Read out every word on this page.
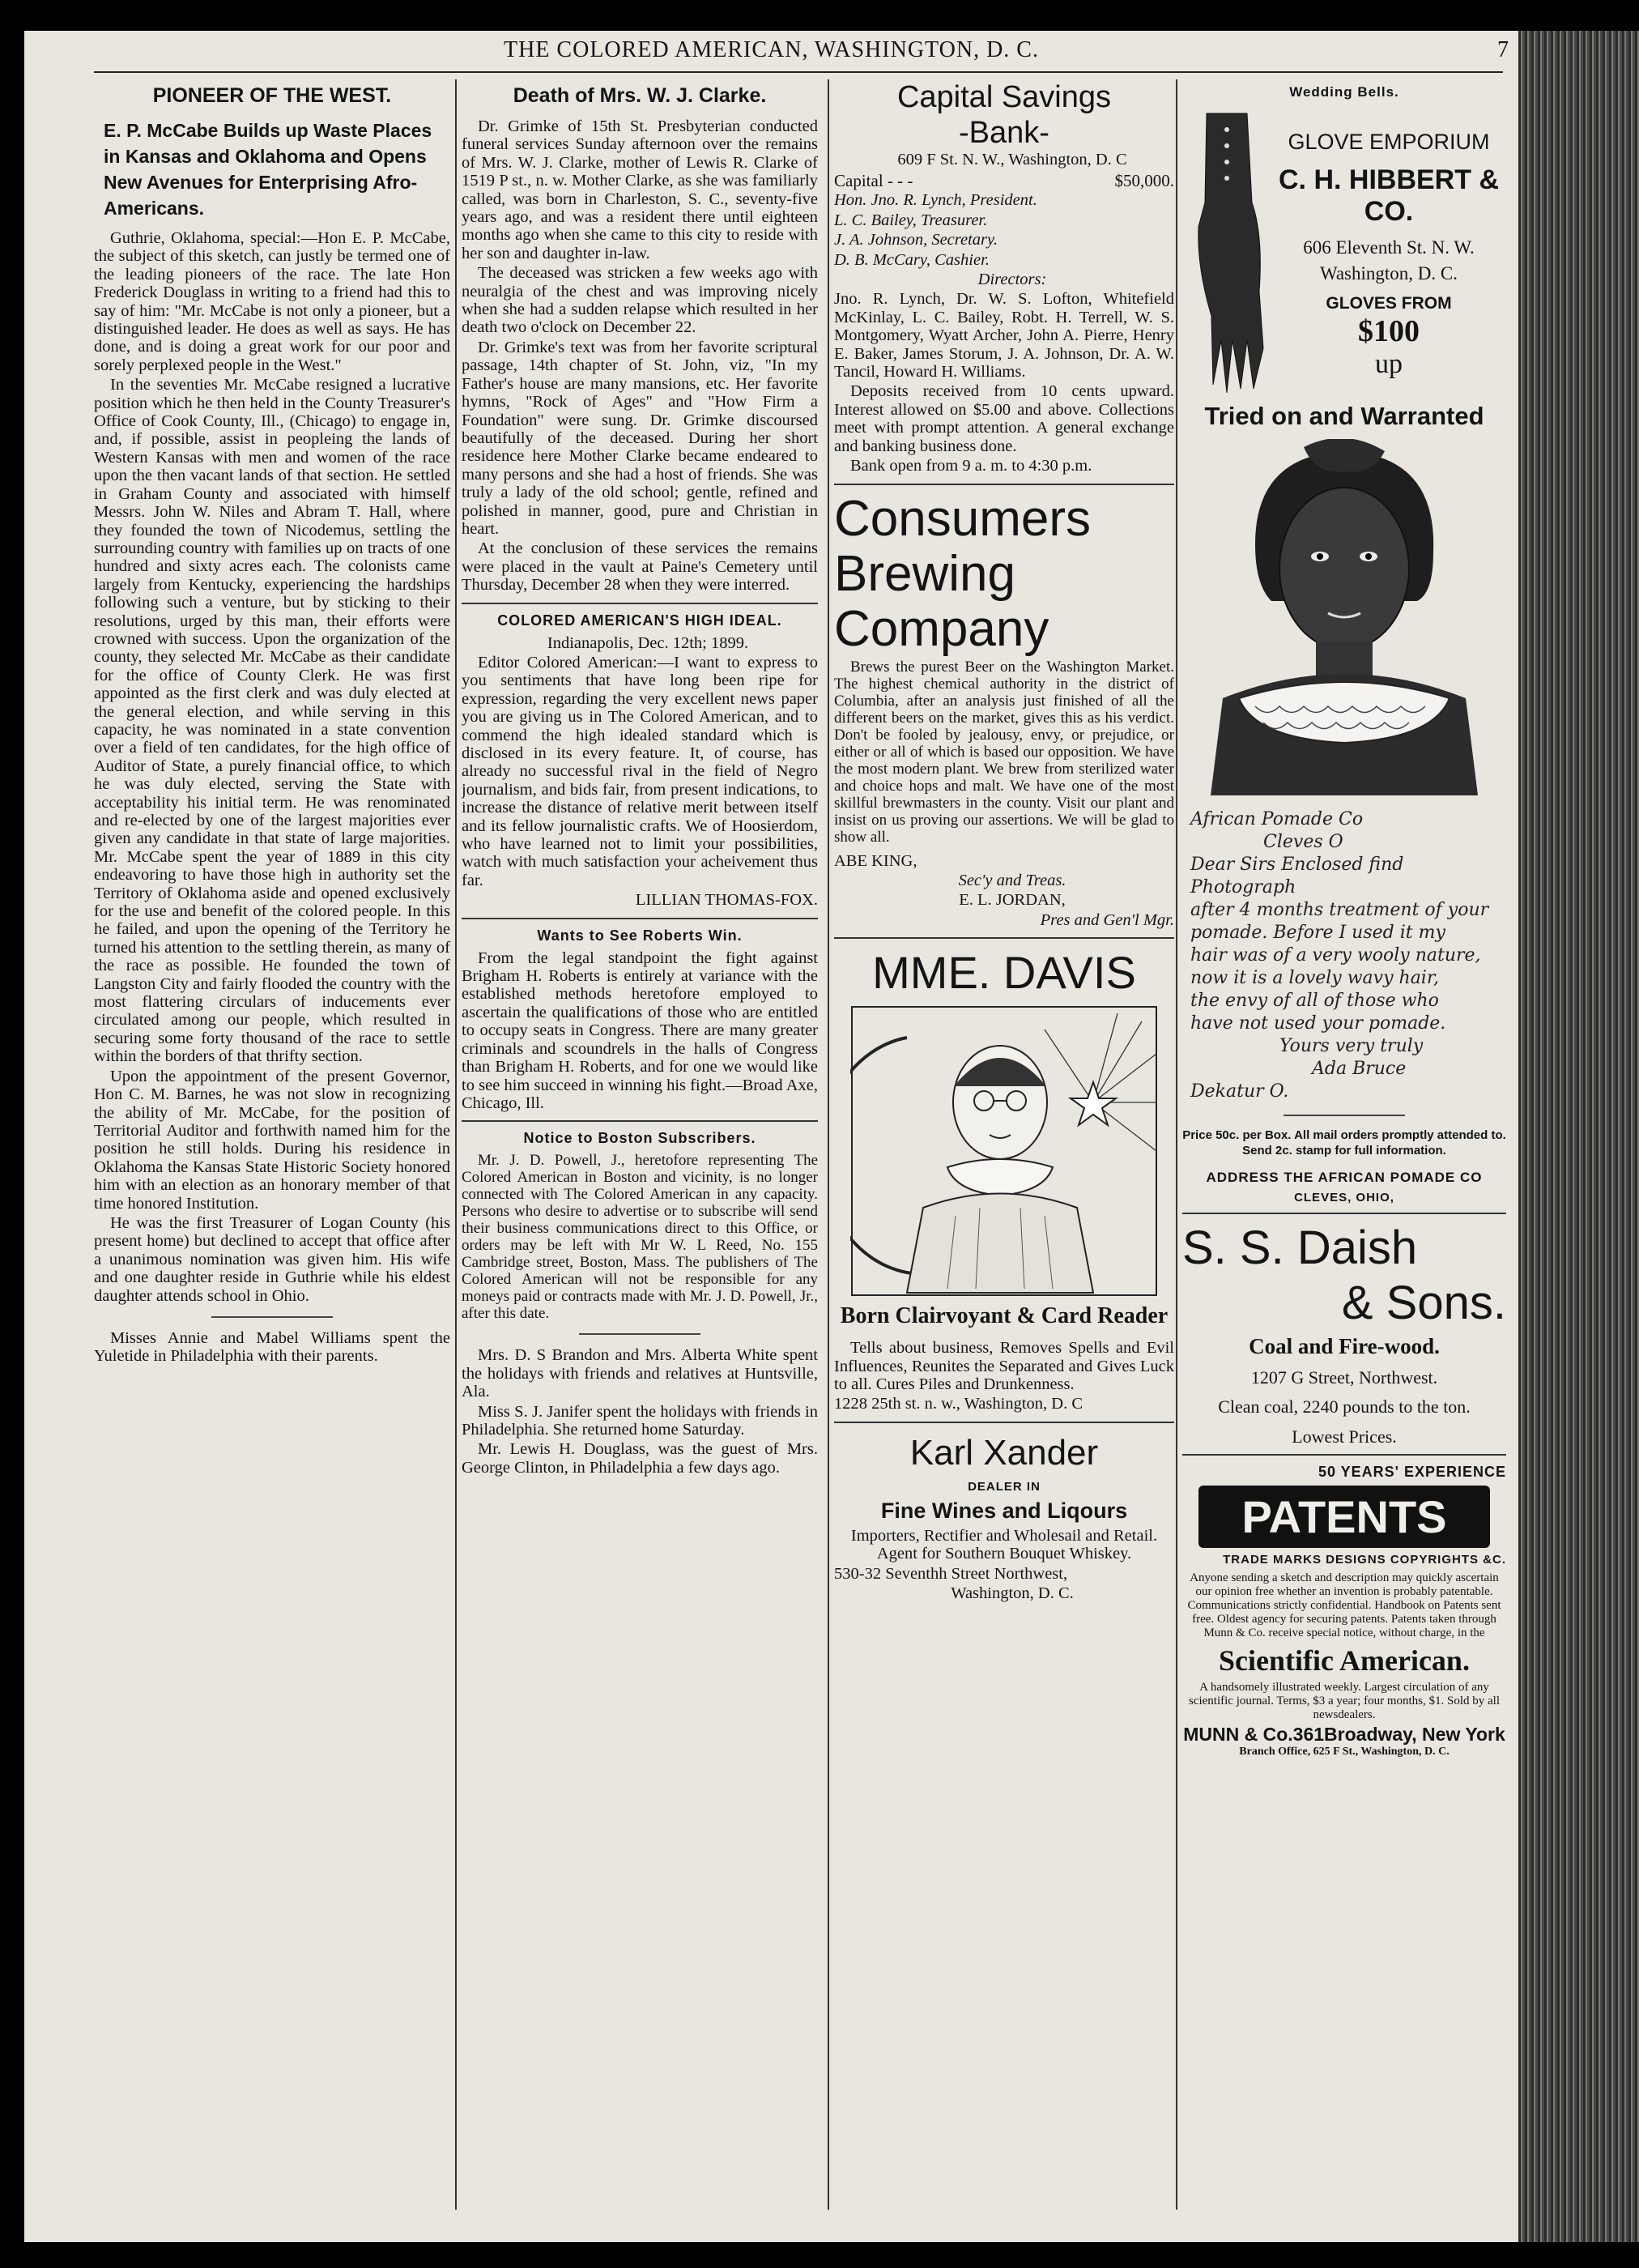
THE COLORED AMERICAN, WASHINGTON, D. C.	7
PIONEER OF THE WEST.
E. P. McCabe Builds up Waste Places in Kansas and Oklahoma and Opens New Avenues for Enterprising Afro-Americans.
Guthrie, Oklahoma, special:—Hon E. P. McCabe, the subject of this sketch, can justly be termed one of the leading pioneers of the race. The late Hon Frederick Douglass in writing to a friend had this to say of him: "Mr. McCabe is not only a pioneer, but a distinguished leader. He does as well as says. He has done, and is doing a great work for our poor and sorely perplexed people in the West."
In the seventies Mr. McCabe resigned a lucrative position which he then held in the County Treasurer's Office of Cook County, Ill., (Chicago) to engage in, and, if possible, assist in peopleing the lands of Western Kansas with men and women of the race upon the then vacant lands of that section. He settled in Graham County and associated with himself Messrs. John W. Niles and Abram T. Hall, where they founded the town of Nicodemus, settling the surrounding country with families up on tracts of one hundred and sixty acres each. The colonists came largely from Kentucky, experiencing the hardships following such a venture, but by sticking to their resolutions, urged by this man, their efforts were crowned with success. Upon the organization of the county, they selected Mr. McCabe as their candidate for the office of County Clerk. He was first appointed as the first clerk and was duly elected at the general election, and while serving in this capacity, he was nominated in a state convention over a field of ten candidates, for the high office of Auditor of State, a purely financial office, to which he was duly elected, serving the State with acceptability his initial term. He was renominated and re-elected by one of the largest majorities ever given any candidate in that state of large majorities. Mr. McCabe spent the year of 1889 in this city endeavoring to have those high in authority set the Territory of Oklahoma aside and opened exclusively for the use and benefit of the colored people. In this he failed, and upon the opening of the Territory he turned his attention to the settling therein, as many of the race as possible. He founded the town of Langston City and fairly flooded the country with the most flattering circulars of inducements ever circulated among our people, which resulted in securing some forty thousand of the race to settle within the borders of that thrifty section.
Upon the appointment of the present Governor, Hon C. M. Barnes, he was not slow in recognizing the ability of Mr. McCabe, for the position of Territorial Auditor and forthwith named him for the position he still holds. During his residence in Oklahoma the Kansas State Historic Society honored him with an election as an honorary member of that time honored Institution.
He was the first Treasurer of Logan County (his present home) but declined to accept that office after a unanimous nomination was given him. His wife and one daughter reside in Guthrie while his eldest daughter attends school in Ohio.
Misses Annie and Mabel Williams spent the Yuletide in Philadelphia with their parents.
Death of Mrs. W. J. Clarke.
Dr. Grimke of 15th St. Presbyterian conducted funeral services Sunday afternoon over the remains of Mrs. W. J. Clarke, mother of Lewis R. Clarke of 1519 P st., n. w. Mother Clarke, as she was familiarly called, was born in Charleston, S. C., seventy-five years ago, and was a resident there until eighteen months ago when she came to this city to reside with her son and daughter in-law.
The deceased was stricken a few weeks ago with neuralgia of the chest and was improving nicely when she had a sudden relapse which resulted in her death two o'clock on December 22.
Dr. Grimke's text was from her favorite scriptural passage, 14th chapter of St. John, viz, "In my Father's house are many mansions, etc. Her favorite hymns, "Rock of Ages" and "How Firm a Foundation" were sung. Dr. Grimke discoursed beautifully of the deceased. During her short residence here Mother Clarke became endeared to many persons and she had a host of friends. She was truly a lady of the old school; gentle, refined and polished in manner, good, pure and Christian in heart.
At the conclusion of these services the remains were placed in the vault at Paine's Cemetery until Thursday, December 28 when they were interred.
COLORED AMERICAN'S HIGH IDEAL.
Indianapolis, Dec. 12th; 1899.
Editor Colored American:—I want to express to you sentiments that have long been ripe for expression, regarding the very excellent news paper you are giving us in The Colored American, and to commend the high idealed standard which is disclosed in its every feature. It, of course, has already no successful rival in the field of Negro journalism, and bids fair, from present indications, to increase the distance of relative merit between itself and its fellow journalistic crafts. We of Hoosierdom, who have learned not to limit your possibilities, watch with much satisfaction your acheivement thus far.
LILLIAN THOMAS-FOX.
Wants to See Roberts Win.
From the legal standpoint the fight against Brigham H. Roberts is entirely at variance with the established methods heretofore employed to ascertain the qualifications of those who are entitled to occupy seats in Congress. There are many greater criminals and scoundrels in the halls of Congress than Brigham H. Roberts, and for one we would like to see him succeed in winning his fight.—Broad Axe, Chicago, Ill.
Notice to Boston Subscribers.
Mr. J. D. Powell, J., heretofore representing The Colored American in Boston and vicinity, is no longer connected with The Colored American in any capacity. Persons who desire to advertise or to subscribe will send their business communications direct to this Office, or orders may be left with Mr W. L Reed, No. 155 Cambridge street, Boston, Mass. The publishers of The Colored American will not be responsible for any moneys paid or contracts made with Mr. J. D. Powell, Jr., after this date.
Mrs. D. S Brandon and Mrs. Alberta White spent the holidays with friends and relatives at Huntsville, Ala.
Miss S. J. Janifer spent the holidays with friends in Philadelphia. She returned home Saturday.
Mr. Lewis H. Douglass, was the guest of Mrs. George Clinton, in Philadelphia a few days ago.
Capital Savings
-Bank-
609 F St. N. W., Washington, D. C
Capital - - -	$50,000.
Hon. Jno. R. Lynch, President.
L. C. Bailey, Treasurer.
J. A. Johnson, Secretary.
D. B. McCary, Cashier.
Directors:
Jno. R. Lynch, Dr. W. S. Lofton, Whitefield McKinlay, L. C. Bailey, Robt. H. Terrell, W. S. Montgomery, Wyatt Archer, John A. Pierre, Henry E. Baker, James Storum, J. A. Johnson, Dr. A. W. Tancil, Howard H. Williams.
Deposits received from 10 cents upward. Interest allowed on $5.00 and above. Collections meet with prompt attention. A general exchange and banking business done.
Bank open from 9 a. m. to 4:30 p.m.
Consumers
Brewing
Company
Brews the purest Beer on the Washington Market. The highest chemical authority in the district of Columbia, after an analysis just finished of all the different beers on the market, gives this as his verdict. Don't be fooled by jealousy, envy, or prejudice, or either or all of which is based our opposition. We have the most modern plant. We brew from sterilized water and choice hops and malt. We have one of the most skillful brewmasters in the county. Visit our plant and insist on us proving our assertions. We will be glad to show all.
ABE KING,
Sec'y and Treas.
E. L. JORDAN,
Pres and Gen'l Mgr.
MME. DAVIS
Born Clairvoyant & Card Reader
Tells about business, Removes Spells and Evil Influences, Reunites the Separated and Gives Luck to all. Cures Piles and Drunkenness.
1228 25th st. n. w., Washington, D. C
Karl Xander
DEALER IN
Fine Wines and Liqours
Importers, Rectifier and Wholesail and Retail. Agent for Southern Bouquet Whiskey.
530-32 Seventhh Street Northwest,
Washington, D. C.
Wedding Bells.
GLOVE EMPORIUM
C. H. HIBBERT & CO.
606 Eleventh St. N. W.
Washington, D. C.
GLOVES FROM
$100
up
Tried on and Warranted
African Pomade Co
Cleves O
Dear Sirs Enclosed find Photograph
after 4 months treatment of your
pomade. Before I used it my
hair was of a very wooly nature,
now it is a lovely wavy hair,
the envy of all of those who
have not used your pomade.
Yours very truly
Ada Bruce
Dekatur O.
Price 50c. per Box. All mail orders promptly attended to. Send 2c. stamp for full information.
ADDRESS THE AFRICAN POMADE CO
CLEVES, OHIO,
S. S. Daish
& Sons.
Coal and Fire-wood.
1207 G Street, Northwest.
Clean coal, 2240 pounds to the ton.
Lowest Prices.
50 YEARS' EXPERIENCE
PATENTS
TRADE MARKS DESIGNS COPYRIGHTS &C.
Anyone sending a sketch and description may quickly ascertain our opinion free whether an invention is probably patentable. Communications strictly confidential. Handbook on Patents sent free. Oldest agency for securing patents. Patents taken through Munn & Co. receive special notice, without charge, in the
Scientific American.
A handsomely illustrated weekly. Largest circulation of any scientific journal. Terms, $3 a year; four months, $1. Sold by all newsdealers.
MUNN & Co.361Broadway, New York
Branch Office, 625 F St., Washington, D. C.
